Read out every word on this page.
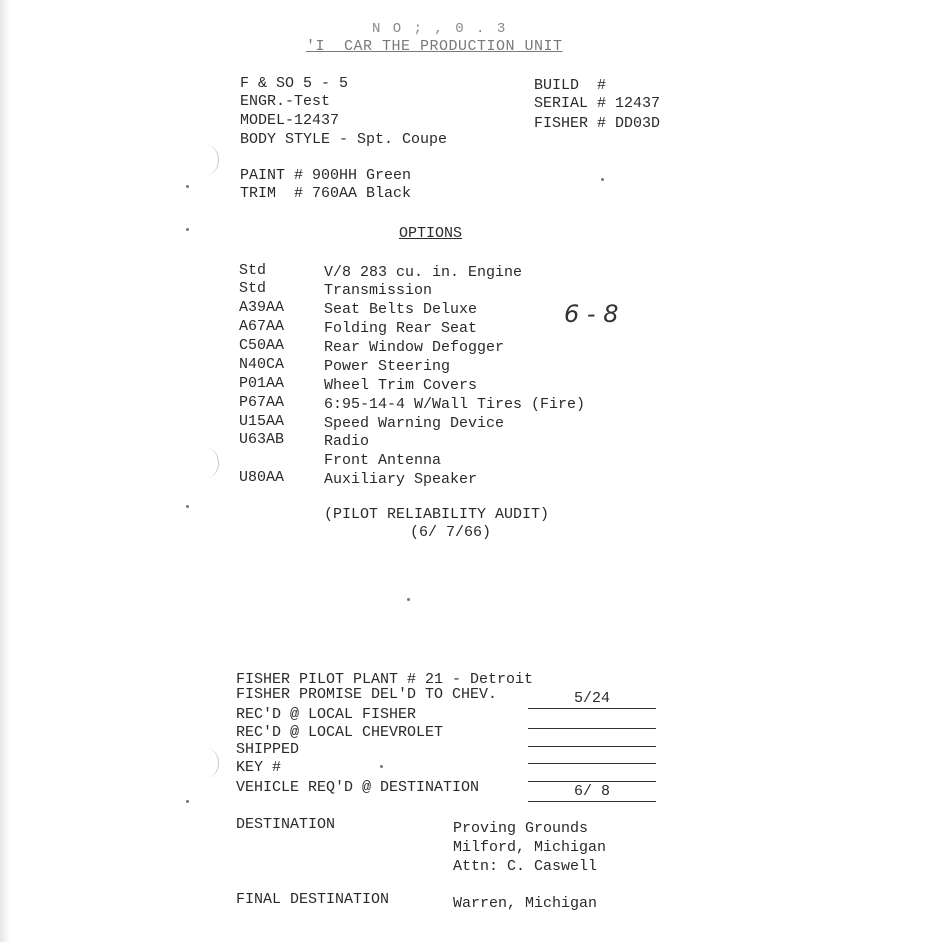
N O ; , 0 . 3
'I  CAR THE PRODUCTION UNIT
F & SO 5 - 5
ENGR.-Test
MODEL-12437
BODY STYLE - Spt. Coupe
BUILD  #
SERIAL # 12437
FISHER # DD03D
PAINT # 900HH Green
TRIM  # 760AA Black
OPTIONS
Std	V/8 283 cu. in. Engine
Std	Transmission
A39AA	Seat Belts Deluxe
A67AA	Folding Rear Seat
C50AA	Rear Window Defogger
N40CA	Power Steering
P01AA	Wheel Trim Covers
P67AA	6:95-14-4 W/Wall Tires (Fire)
U15AA	Speed Warning Device
U63AB	Radio
Front Antenna
U80AA	Auxiliary Speaker
6 - 8
(PILOT RELIABILITY AUDIT)
(6/ 7/66)
FISHER PILOT PLANT # 21 - Detroit
FISHER PROMISE DEL'D TO CHEV.	5/24
REC'D @ LOCAL FISHER
REC'D @ LOCAL CHEVROLET
SHIPPED
KEY #
VEHICLE REQ'D @ DESTINATION	6/ 8
DESTINATION	Proving Grounds
Milford, Michigan
Attn: C. Caswell
FINAL DESTINATION	Warren, Michigan
